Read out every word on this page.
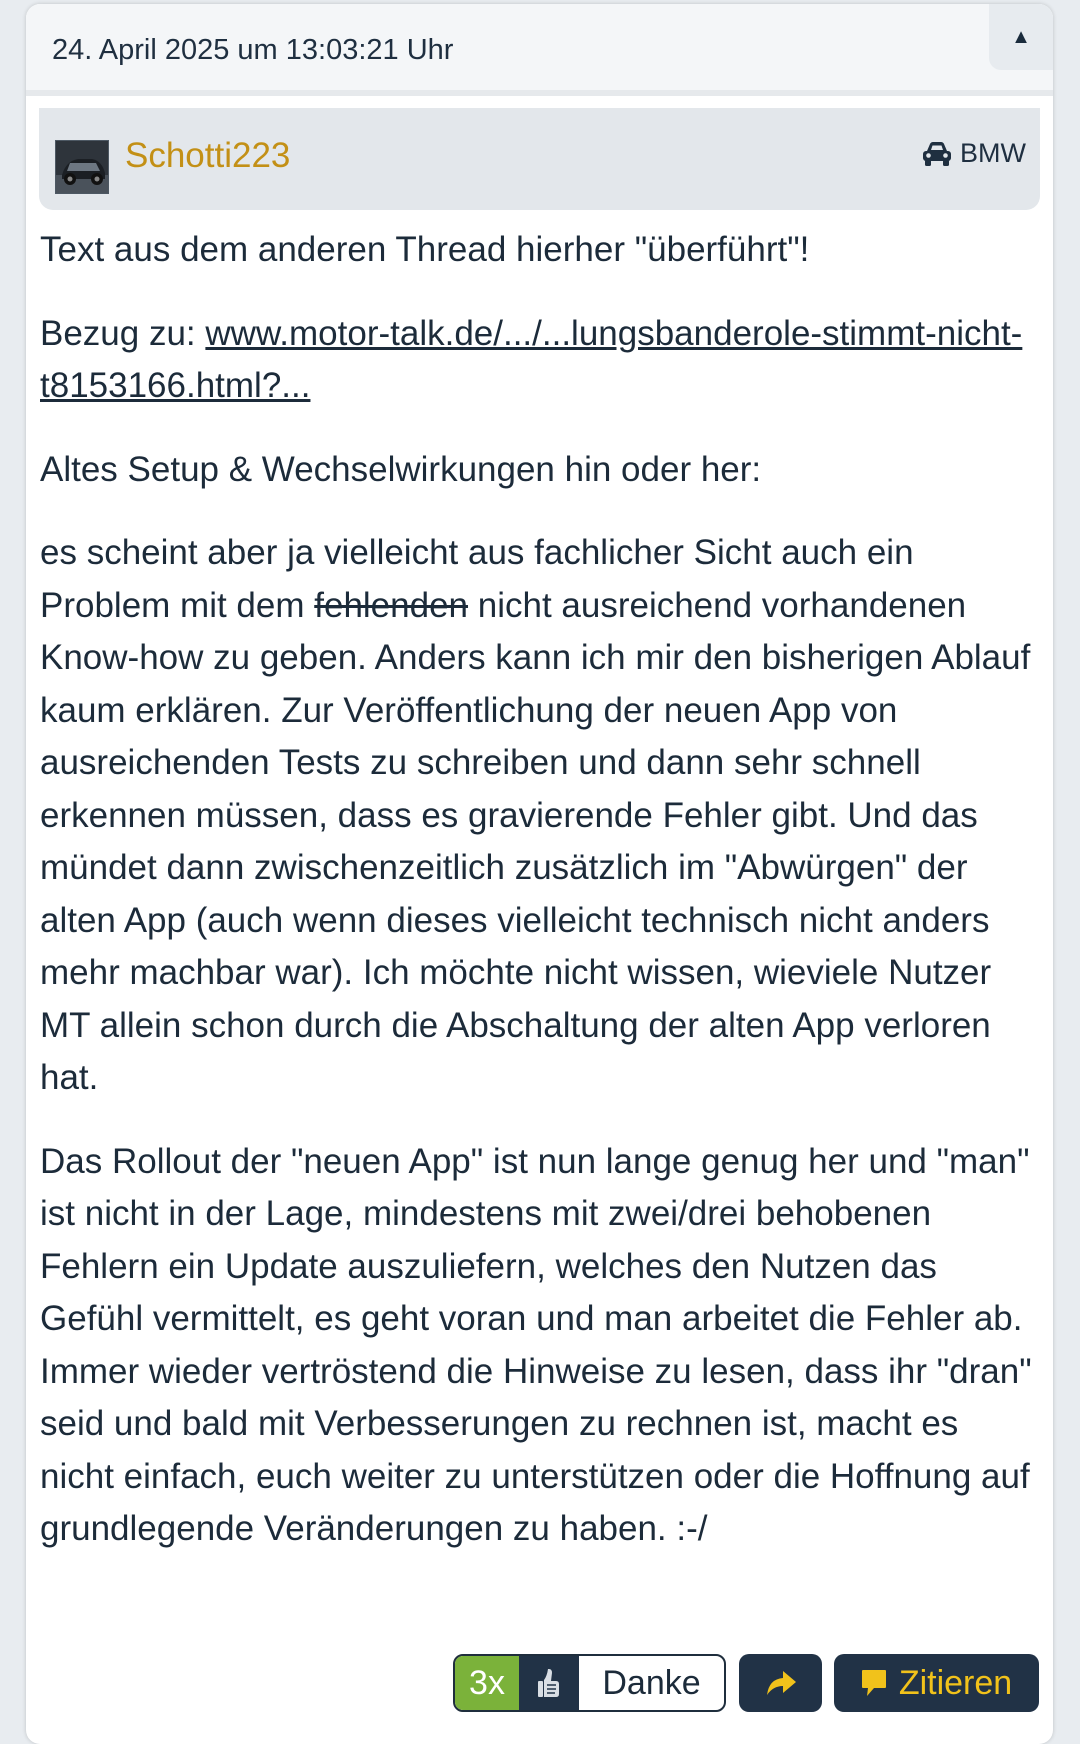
24. April 2025 um 13:03:21 Uhr	▲
Schotti223	BMW

Text aus dem anderen Thread hierher "überführt"!

Bezug zu: www.motor-talk.de/.../...lungsbanderole-stimmt-nicht-t8153166.html?...

Altes Setup & Wechselwirkungen hin oder her:

es scheint aber ja vielleicht aus fachlicher Sicht auch ein Problem mit dem fehlenden nicht ausreichend vorhandenen Know-how zu geben. Anders kann ich mir den bisherigen Ablauf kaum erklären. Zur Veröffentlichung der neuen App von ausreichenden Tests zu schreiben und dann sehr schnell erkennen müssen, dass es gravierende Fehler gibt. Und das mündet dann zwischenzeitlich zusätzlich im "Abwürgen" der alten App (auch wenn dieses vielleicht technisch nicht anders mehr machbar war). Ich möchte nicht wissen, wieviele Nutzer MT allein schon durch die Abschaltung der alten App verloren hat.

Das Rollout der "neuen App" ist nun lange genug her und "man" ist nicht in der Lage, mindestens mit zwei/drei behobenen Fehlern ein Update auszuliefern, welches den Nutzen das Gefühl vermittelt, es geht voran und man arbeitet die Fehler ab. Immer wieder vertröstend die Hinweise zu lesen, dass ihr "dran" seid und bald mit Verbesserungen zu rechnen ist, macht es nicht einfach, euch weiter zu unterstützen oder die Hoffnung auf grundlegende Veränderungen zu haben. :-/

3x	Danke	Zitieren
